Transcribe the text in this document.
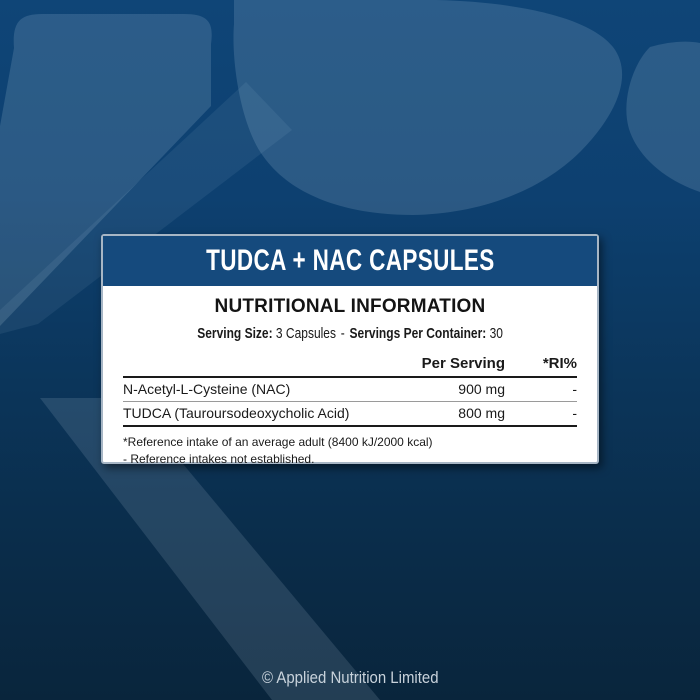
TUDCA + NAC CAPSULES
NUTRITIONAL INFORMATION
Serving Size: 3 Capsules - Servings Per Container: 30
	Per Serving	*RI%
N-Acetyl-L-Cysteine (NAC)	900 mg	-
TUDCA (Tauroursodeoxycholic Acid)	800 mg	-

*Reference intake of an average adult (8400 kJ/2000 kcal)

- Reference intakes not established.

© Applied Nutrition Limited
